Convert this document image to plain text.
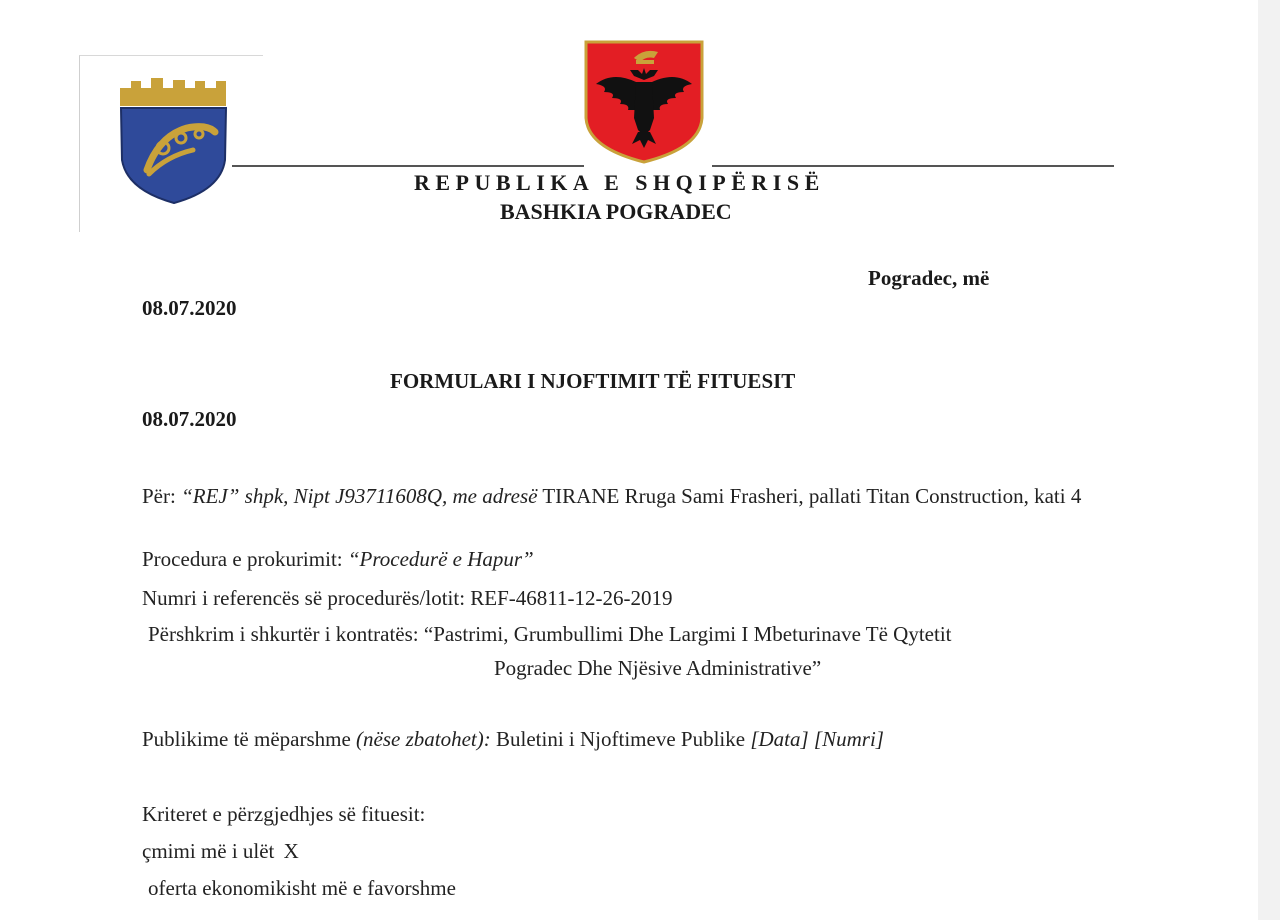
REPUBLIKA E SHQIPËRISË
BASHKIA POGRADEC
Pogradec, më
08.07.2020
FORMULARI I NJOFTIMIT TË FITUESIT
08.07.2020
Për: “REJ” shpk, Nipt J93711608Q, me adresë TIRANE Rruga Sami Frasheri, pallati Titan Construction, kati 4
Procedura e prokurimit: “Procedurë e Hapur”
Numri i referencës së procedurës/lotit: REF-46811-12-26-2019
Përshkrim i shkurtër i kontratës: “Pastrimi, Grumbullimi Dhe Largimi I Mbeturinave Të Qytetit
Pogradec Dhe Njësive Administrative”
Publikime të mëparshme (nëse zbatohet): Buletini i Njoftimeve Publike [Data] [Numri]
Kriteret e përzgjedhjes së fituesit:
çmimi më i ulët X
oferta ekonomikisht më e favorshme
